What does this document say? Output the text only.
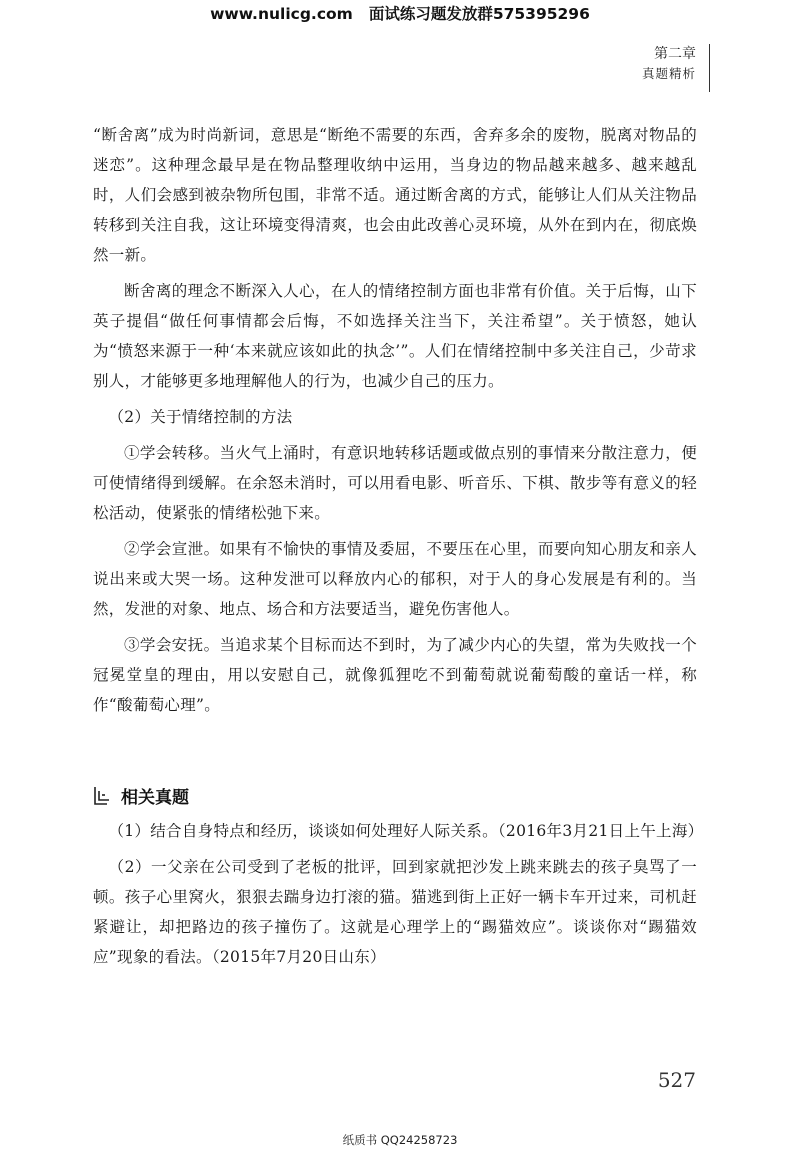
www.nulicg.com 面试练习题发放群575395296
第二章
真题精析

“断舍离”成为时尚新词，意思是“断绝不需要的东西，舍弃多余的废物，脱离对物品的迷恋”。这种理念最早是在物品整理收纳中运用，当身边的物品越来越多、越来越乱时，人们会感到被杂物所包围，非常不适。通过断舍离的方式，能够让人们从关注物品转移到关注自我，这让环境变得清爽，也会由此改善心灵环境，从外在到内在，彻底焕然一新。

断舍离的理念不断深入人心，在人的情绪控制方面也非常有价值。关于后悔，山下英子提倡“做任何事情都会后悔，不如选择关注当下，关注希望”。关于愤怒，她认为“愤怒来源于一种‘本来就应该如此的执念’”。人们在情绪控制中多关注自己，少苛求别人，才能够更多地理解他人的行为，也减少自己的压力。

（2）关于情绪控制的方法

①学会转移。当火气上涌时，有意识地转移话题或做点别的事情来分散注意力，便可使情绪得到缓解。在余怒未消时，可以用看电影、听音乐、下棋、散步等有意义的轻松活动，使紧张的情绪松弛下来。

②学会宣泄。如果有不愉快的事情及委屈，不要压在心里，而要向知心朋友和亲人说出来或大哭一场。这种发泄可以释放内心的郁积，对于人的身心发展是有利的。当然，发泄的对象、地点、场合和方法要适当，避免伤害他人。

③学会安抚。当追求某个目标而达不到时，为了减少内心的失望，常为失败找一个冠冕堂皇的理由，用以安慰自己，就像狐狸吃不到葡萄就说葡萄酸的童话一样，称作“酸葡萄心理”。

相关真题

（1）结合自身特点和经历，谈谈如何处理好人际关系。（2016年3月21日上午上海）

（2）一父亲在公司受到了老板的批评，回到家就把沙发上跳来跳去的孩子臭骂了一顿。孩子心里窝火，狠狠去踹身边打滚的猫。猫逃到街上正好一辆卡车开过来，司机赶紧避让，却把路边的孩子撞伤了。这就是心理学上的“踢猫效应”。谈谈你对“踢猫效应”现象的看法。（2015年7月20日山东）

527
纸质书 QQ24258723
